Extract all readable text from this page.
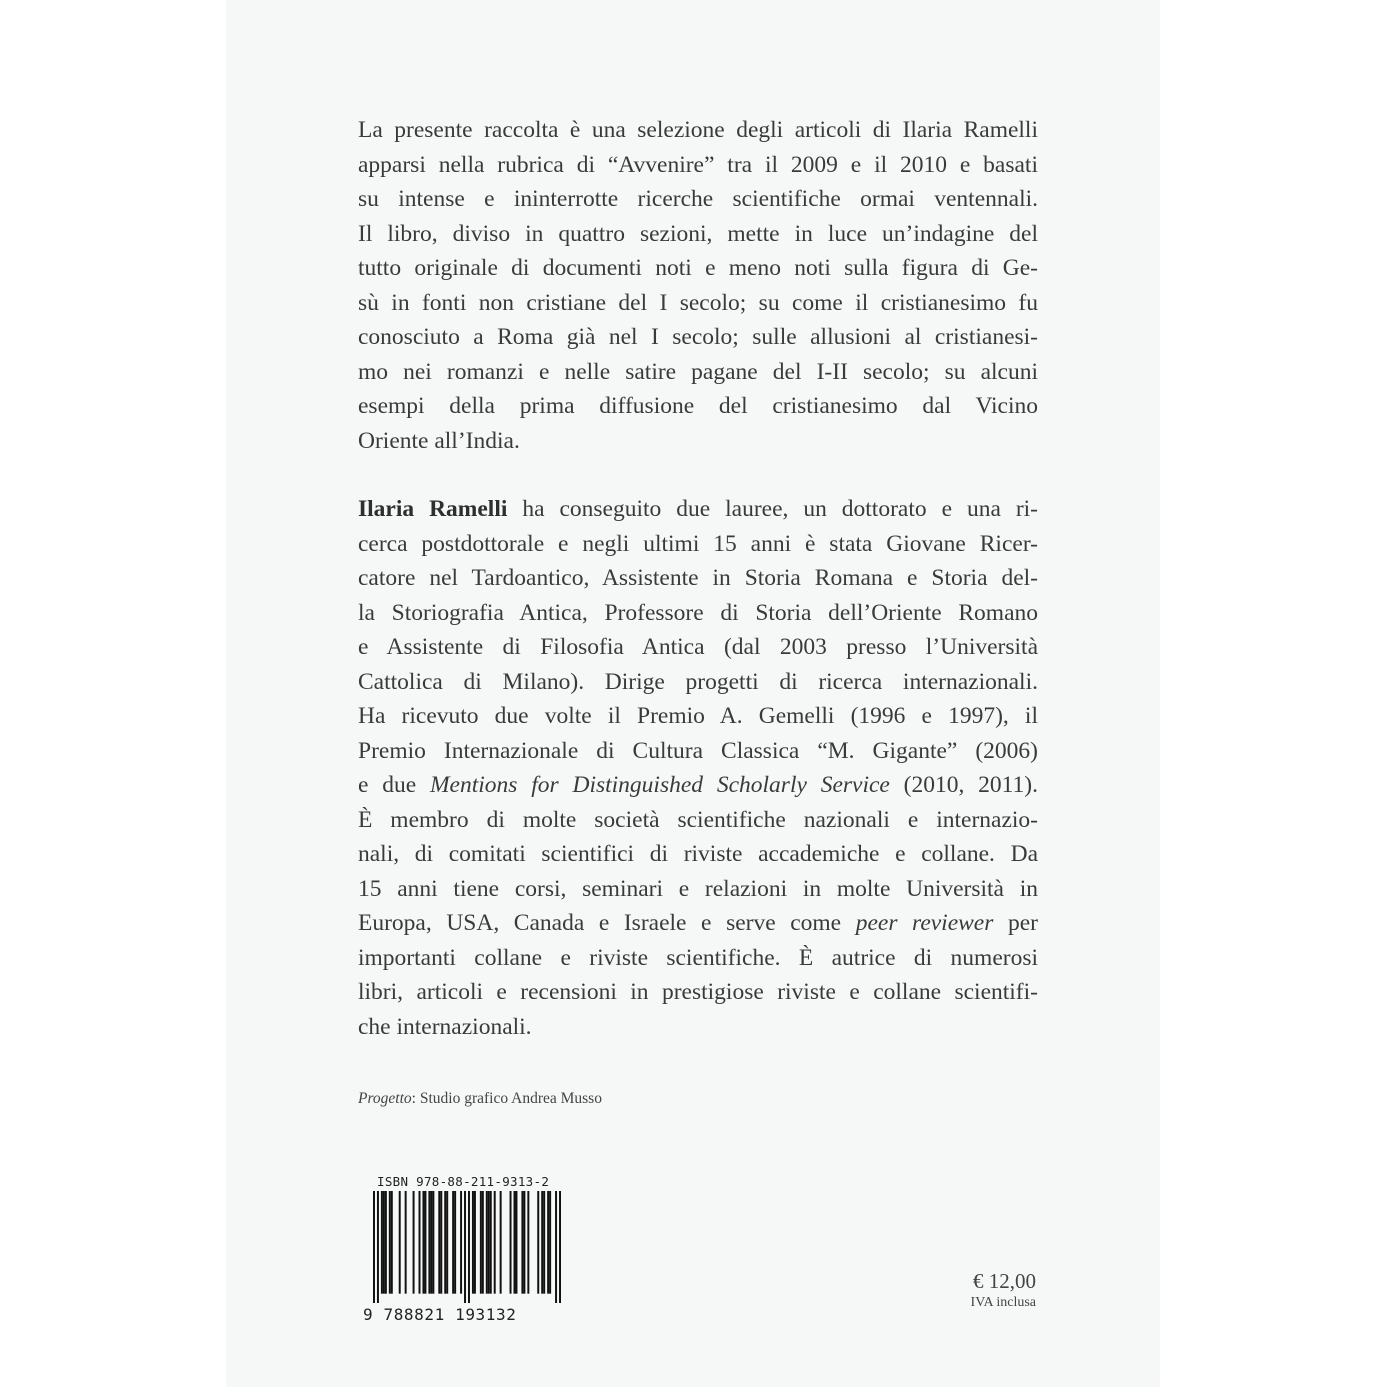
La presente raccolta è una selezione degli articoli di Ilaria Ramelli
apparsi nella rubrica di “Avvenire” tra il 2009 e il 2010 e basati
su intense e ininterrotte ricerche scientifiche ormai ventennali.
Il libro, diviso in quattro sezioni, mette in luce un’indagine del
tutto originale di documenti noti e meno noti sulla figura di Ge-
sù in fonti non cristiane del I secolo; su come il cristianesimo fu
conosciuto a Roma già nel I secolo; sulle allusioni al cristianesi-
mo nei romanzi e nelle satire pagane del I-II secolo; su alcuni
esempi della prima diffusione del cristianesimo dal Vicino
Oriente all’India.
Ilaria Ramelli ha conseguito due lauree, un dottorato e una ri-
cerca postdottorale e negli ultimi 15 anni è stata Giovane Ricer-
catore nel Tardoantico, Assistente in Storia Romana e Storia del-
la Storiografia Antica, Professore di Storia dell’Oriente Romano
e Assistente di Filosofia Antica (dal 2003 presso l’Università
Cattolica di Milano). Dirige progetti di ricerca internazionali.
Ha ricevuto due volte il Premio A. Gemelli (1996 e 1997), il
Premio Internazionale di Cultura Classica “M. Gigante” (2006)
e due Mentions for Distinguished Scholarly Service (2010, 2011).
È membro di molte società scientifiche nazionali e internazio-
nali, di comitati scientifici di riviste accademiche e collane. Da
15 anni tiene corsi, seminari e relazioni in molte Università in
Europa, USA, Canada e Israele e serve come peer reviewer per
importanti collane e riviste scientifiche. È autrice di numerosi
libri, articoli e recensioni in prestigiose riviste e collane scientifi-
che internazionali.
Progetto: Studio grafico Andrea Musso
ISBN 978-88-211-9313-2
9 788821 193132
€ 12,00
IVA inclusa
